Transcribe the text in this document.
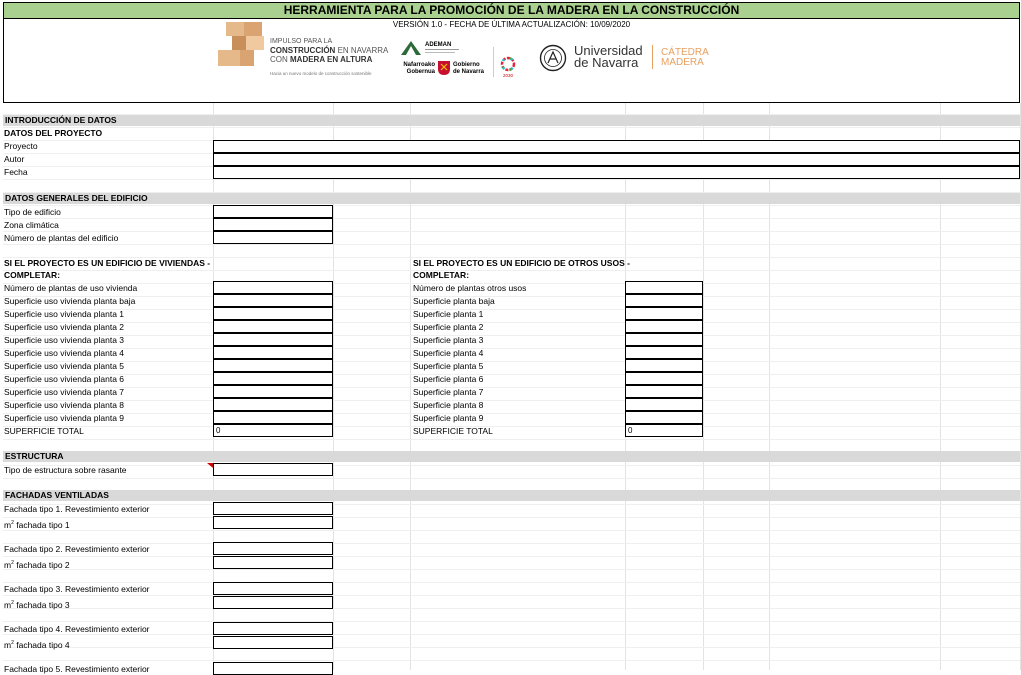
HERRAMIENTA PARA LA PROMOCIÓN DE LA MADERA EN LA CONSTRUCCIÓN
VERSIÓN 1.0 - FECHA DE ÚLTIMA ACTUALIZACIÓN: 10/09/2020
IMPULSO PARA LA
CONSTRUCCIÓN EN NAVARRA
CON MADERA EN ALTURA
Hacia un nuevo modelo de construcción sostenible
ADEMAN
Nafarroako
Gobernua
Gobierno
de Navarra
2030
Universidad
de Navarra
CÁTEDRA
MADERA
INTRODUCCIÓN DE DATOS
DATOS DEL PROYECTO
Proyecto
Autor
Fecha
DATOS GENERALES DEL EDIFICIO
Tipo de edificio
Zona climática
Número de plantas del edificio
SI EL PROYECTO ES UN EDIFICIO DE VIVIENDAS -
COMPLETAR:
SI EL PROYECTO ES UN EDIFICIO DE OTROS USOS -
COMPLETAR:
Número de plantas de uso vivienda	Número de plantas otros usos
Superficie uso vivienda planta baja	Superficie planta baja
Superficie uso vivienda planta 1	Superficie planta 1
Superficie uso vivienda planta 2	Superficie planta 2
Superficie uso vivienda planta 3	Superficie planta 3
Superficie uso vivienda planta 4	Superficie planta 4
Superficie uso vivienda planta 5	Superficie planta 5
Superficie uso vivienda planta 6	Superficie planta 6
Superficie uso vivienda planta 7	Superficie planta 7
Superficie uso vivienda planta 8	Superficie planta 8
Superficie uso vivienda planta 9	Superficie planta 9
SUPERFICIE TOTAL	0	SUPERFICIE TOTAL	0
ESTRUCTURA
Tipo de estructura sobre rasante
FACHADAS VENTILADAS
Fachada tipo 1. Revestimiento exterior
$m^2$ fachada tipo 1
Fachada tipo 2. Revestimiento exterior
$m^2$ fachada tipo 2
Fachada tipo 3. Revestimiento exterior
$m^2$ fachada tipo 3
Fachada tipo 4. Revestimiento exterior
$m^2$ fachada tipo 4
Fachada tipo 5. Revestimiento exterior
